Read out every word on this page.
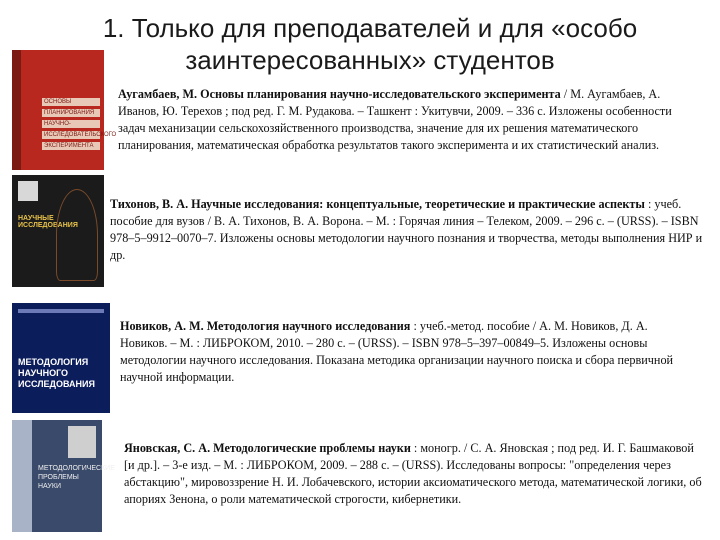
1. Только для преподавателей и для «особо заинтересованных» студентов
ОСНОВЫ
ПЛАНИРОВАНИЯ
НАУЧНО-
ИССЛЕДОВАТЕЛЬСКОГО
ЭКСПЕРИМЕНТА
Аугамбаев, М. Основы планирования научно-исследовательского эксперимента / М. Аугамбаев, А. Иванов, Ю. Терехов ; под ред. Г. М. Рудакова. – Ташкент : Укитувчи, 2009. – 336 с. Изложены особенности задач механизации сельскохозяйственного производства, значение для их решения математического планирования, математическая обработка результатов такого эксперимента и их статистический анализ.
НАУЧНЫЕ ИССЛЕДОВАНИЯ
Тихонов, В. А. Научные исследования: концептуальные, теоретические и практические аспекты : учеб. пособие для вузов / В. А. Тихонов, В. А. Ворона. – М. : Горячая линия – Телеком, 2009. – 296 с. – (URSS). – ISBN 978–5–9912–0070–7. Изложены основы методологии научного познания и творчества, методы выполнения НИР и др.
МЕТОДОЛОГИЯ НАУЧНОГО ИССЛЕДОВАНИЯ
Новиков, А. М. Методология научного исследования : учеб.-метод. пособие / А. М. Новиков, Д. А. Новиков. – М. : ЛИБРОКОМ, 2010. – 280 с. – (URSS). – ISBN 978–5–397–00849–5. Изложены основы методологии научного исследования. Показана методика организации научного поиска и сбора первичной научной информации.
МЕТОДОЛОГИЧЕСКИЕ ПРОБЛЕМЫ НАУКИ
Яновская, С. А. Методологические проблемы науки : моногр. / С. А. Яновская ; под ред. И. Г. Башмаковой [и др.]. – 3-е изд. – М. : ЛИБРОКОМ, 2009. – 288 с. – (URSS). Исследованы вопросы: "определения через абстакцию", мировоззрение Н. И. Лобачевского, истории аксиоматического метода, математической логики, об апориях Зенона, о роли математической строгости, кибернетики.
